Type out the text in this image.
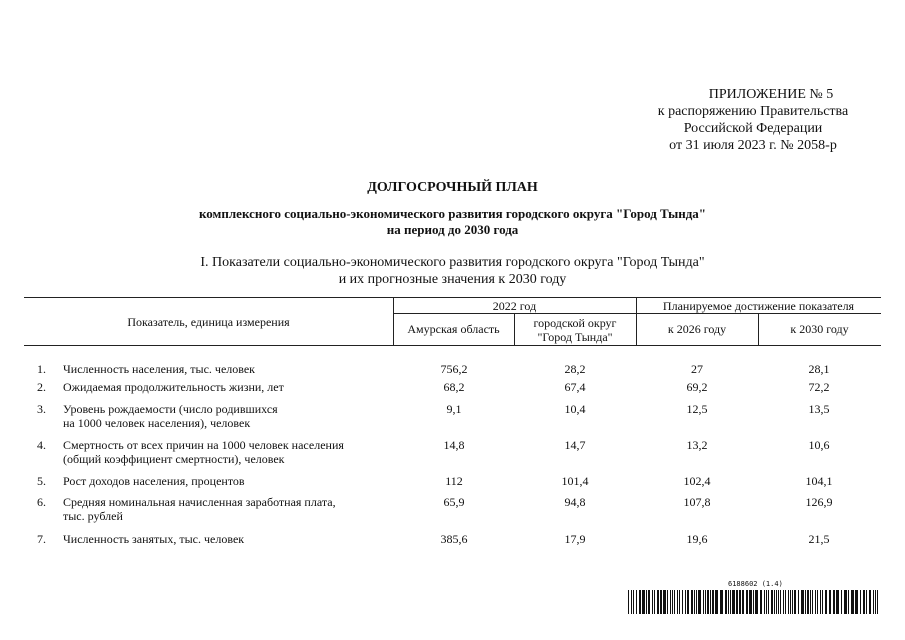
ПРИЛОЖЕНИЕ № 5
к распоряжению Правительства
Российской Федерации
от 31 июля 2023 г. № 2058-р
ДОЛГОСРОЧНЫЙ ПЛАН
комплексного социально-экономического развития городского округа "Город Тында"
на период до 2030 года
I. Показатели социально-экономического развития городского округа "Город Тында"
и их прогнозные значения к 2030 году
Показатель, единица измерения
2022 год	Планируемое достижение показателя
Амурская область	городской округ
"Город Тында"
к 2026 году	к 2030 году
1. Численность населения, тыс. человек	756,2	28,2	27	28,1
2. Ожидаемая продолжительность жизни, лет	68,2	67,4	69,2	72,2
3. Уровень рождаемости (число родившихся
на 1000 человек населения), человек
9,1	10,4	12,5	13,5
4. Смертность от всех причин на 1000 человек населения
(общий коэффициент смертности), человек
14,8	14,7	13,2	10,6
5. Рост доходов населения, процентов	112	101,4	102,4	104,1
6. Средняя номинальная начисленная заработная плата,
тыс. рублей
65,9	94,8	107,8	126,9
7. Численность занятых, тыс. человек	385,6	17,9	19,6	21,5
6188602 (1.4)
